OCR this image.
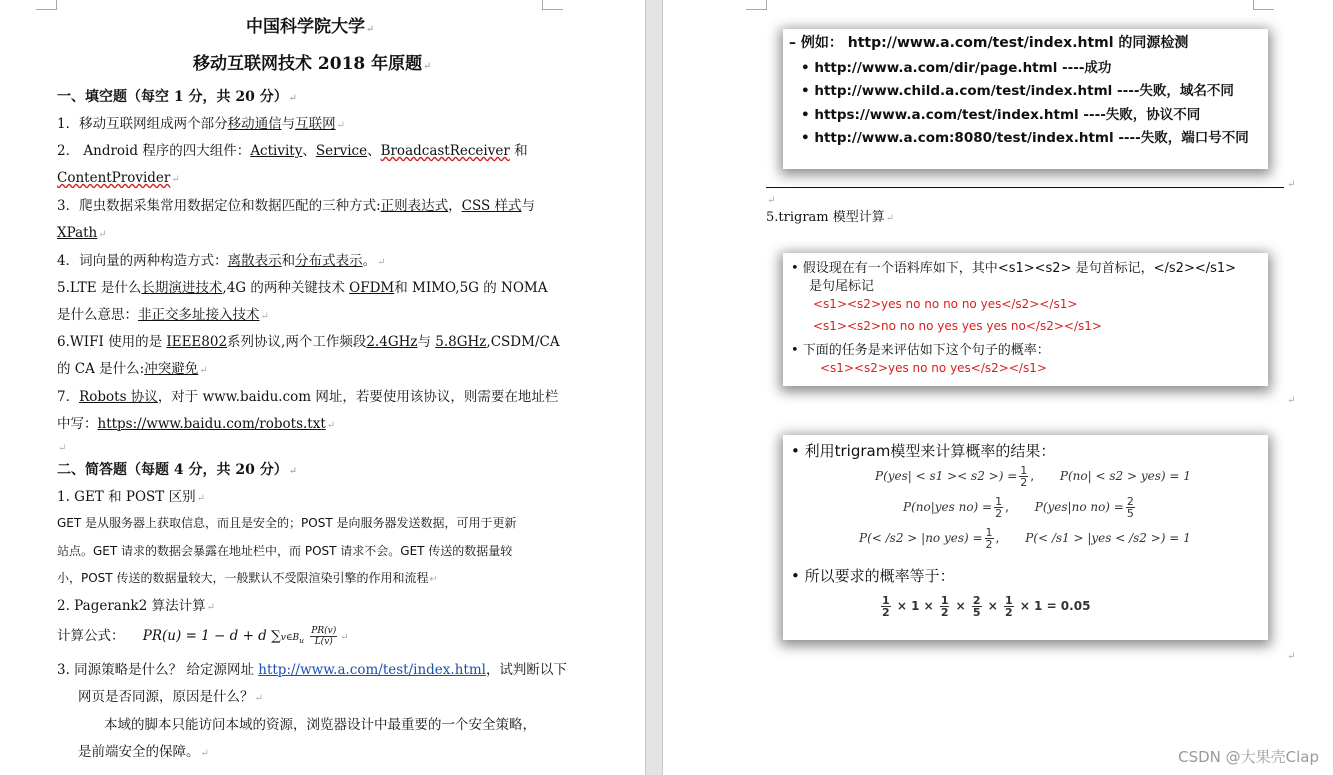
中国科学院大学↵
移动互联网技术 2018 年原题↵
一、填空题（每空 1 分，共 20 分）↵
1．移动互联网组成两个部分移动通信与互联网↵
2． Android 程序的四大组件：Activity、Service、BroadcastReceiver 和
ContentProvider↵
3．爬虫数据采集常用数据定位和数据匹配的三种方式:正则表达式，CSS 样式与
XPath↵
4．词向量的两种构造方式：离散表示和分布式表示。↵
5.LTE 是什么长期演进技术,4G 的两种关键技术 OFDM和 MIMO,5G 的 NOMA
是什么意思：非正交多址接入技术↵
6.WIFI 使用的是 IEEE802系列协议,两个工作频段2.4GHz与 5.8GHz,CSDM/CA
的 CA 是什么:冲突避免↵
7．Robots 协议，对于 www.baidu.com 网址，若要使用该协议，则需要在地址栏
中写：https://www.baidu.com/robots.txt↵
↵
二、简答题（每题 4 分，共 20 分）↵
1. GET 和 POST 区别↵
GET 是从服务器上获取信息，而且是安全的；POST 是向服务器发送数据，可用于更新
站点。GET 请求的数据会暴露在地址栏中，而 POST 请求不会。GET 传送的数据量较
小，POST 传送的数据量较大，一般默认不受限渲染引擎的作用和流程↵
2. Pagerank2 算法计算↵
计算公式： PR(u) = 1 − d + d $\sum v\in B_u \frac{PR(v)}{L(v)}$ ↵
3. 同源策略是什么？ 给定源网址 http://www.a.com/test/index.html，试判断以下
网页是否同源，原因是什么？↵
本域的脚本只能访问本域的资源，浏览器设计中最重要的一个安全策略，
是前端安全的保障。↵
– 例如： http://www.a.com/test/index.html 的同源检测
• http://www.a.com/dir/page.html ----成功
• http://www.child.a.com/test/index.html ----失败，域名不同
• https://www.a.com/test/index.html ----失败，协议不同
• http://www.a.com:8080/test/index.html ----失败，端口号不同
↵
↵
5.trigram 模型计算↵
• 假设现在有一个语料库如下，其中<s1><s2> 是句首标记，</s2></s1>
是句尾标记
<s1><s2>yes no no no no yes</s2></s1>
<s1><s2>no no no yes yes yes no</s2></s1>
• 下面的任务是来评估如下这个句子的概率：
<s1><s2>yes no no yes</s2></s1>
↵
• 利用trigram模型来计算概率的结果：
P(yes| < s1 >< s2 >) = $\frac{1}{2}$ , P(no| < s2 > yes) = 1
P(no|yes $no) = \frac{1}{2}$ , P(yes|no $no) = \frac{2}{5}$
P(< /s2 > |no $yes) = \frac{1}{2}$ , P(< /s1 > |yes < /s2 >) = 1
• 所以要求的概率等于：
$\frac{1}{2} \times 1 \times \frac{1}{2} \times \frac{2}{5} \times \frac{1}{2} \times 1 = 0.05$
↵
CSDN @大果壳Clap
